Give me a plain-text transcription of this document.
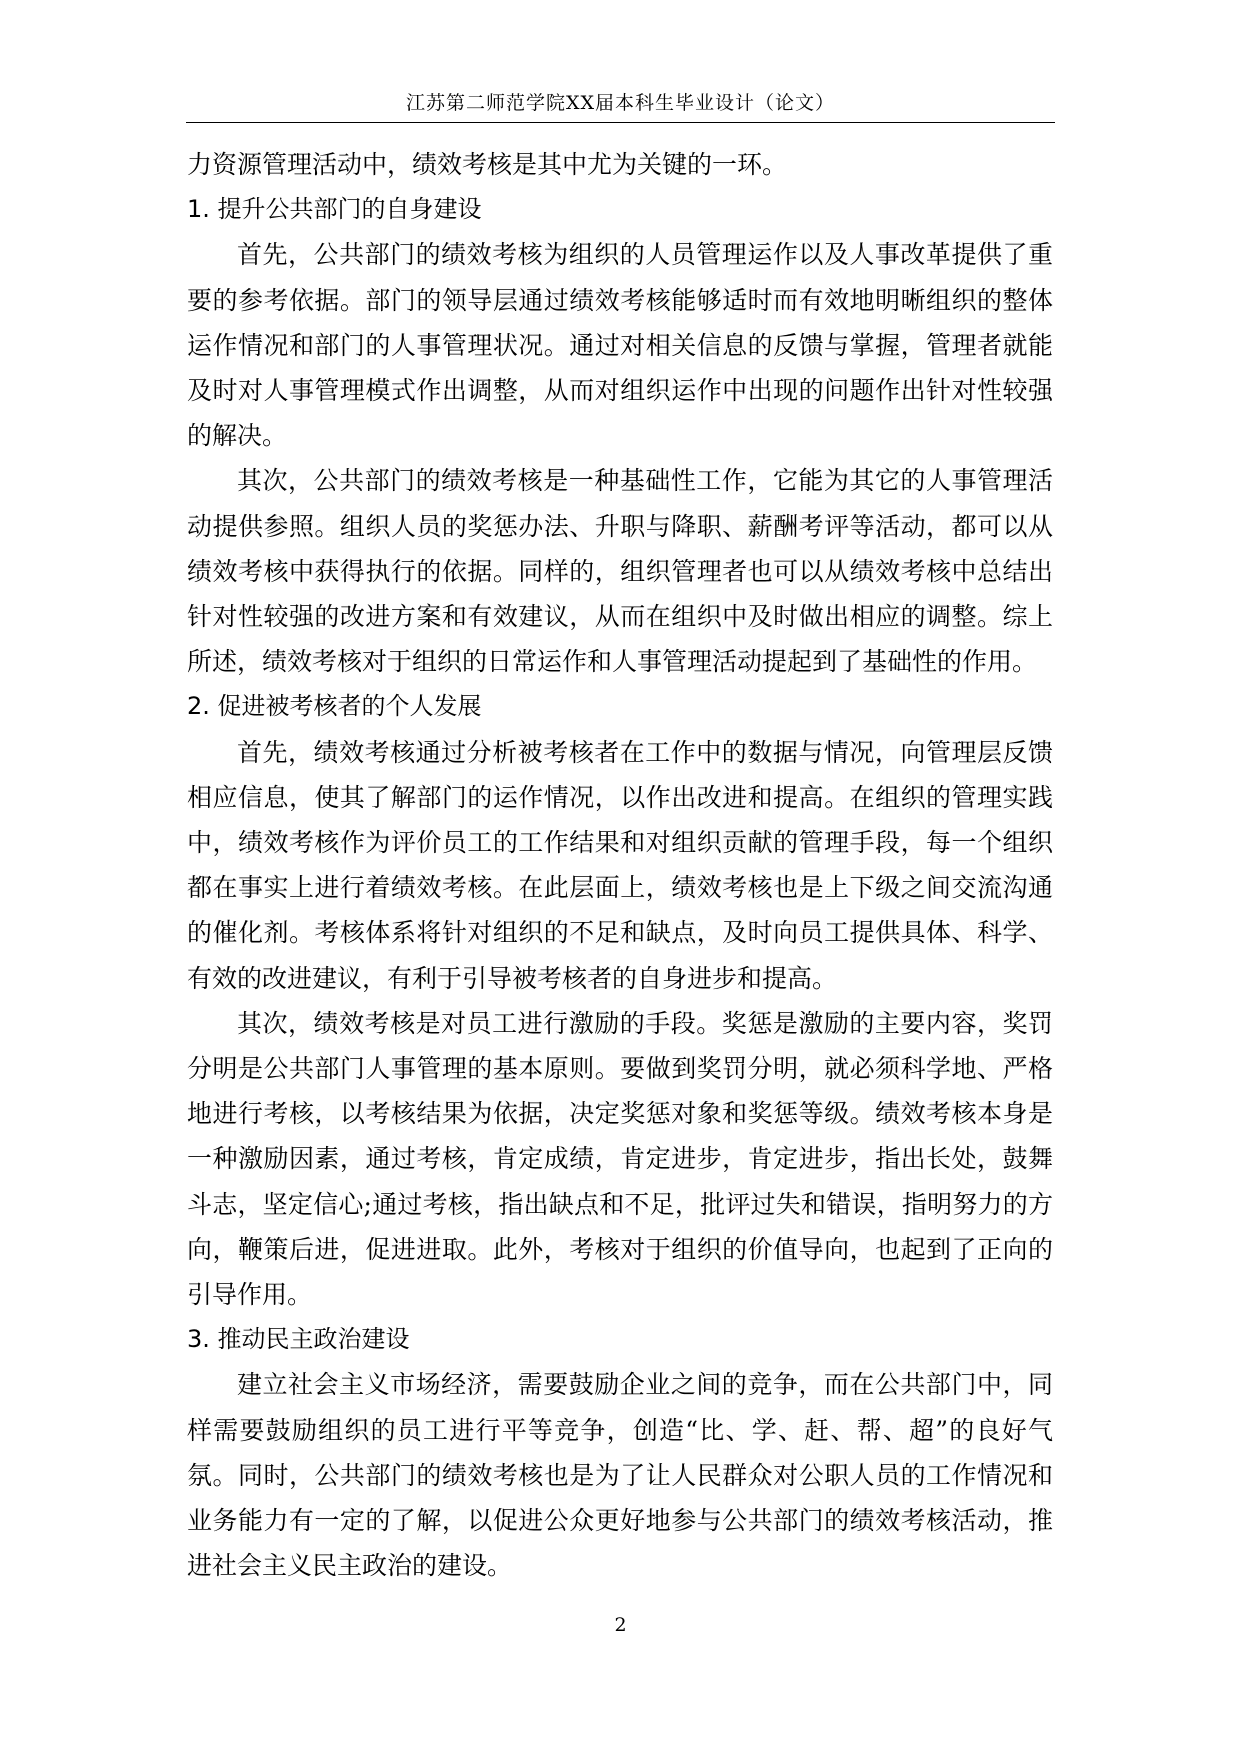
江苏第二师范学院XX届本科生毕业设计（论文）

力资源管理活动中，绩效考核是其中尤为关键的一环。

1. 提升公共部门的自身建设

首先，公共部门的绩效考核为组织的人员管理运作以及人事改革提供了重要的参考依据。部门的领导层通过绩效考核能够适时而有效地明晰组织的整体运作情况和部门的人事管理状况。通过对相关信息的反馈与掌握，管理者就能及时对人事管理模式作出调整，从而对组织运作中出现的问题作出针对性较强的解决。

其次，公共部门的绩效考核是一种基础性工作，它能为其它的人事管理活动提供参照。组织人员的奖惩办法、升职与降职、薪酬考评等活动，都可以从绩效考核中获得执行的依据。同样的，组织管理者也可以从绩效考核中总结出针对性较强的改进方案和有效建议，从而在组织中及时做出相应的调整。综上所述，绩效考核对于组织的日常运作和人事管理活动提起到了基础性的作用。

2. 促进被考核者的个人发展

首先，绩效考核通过分析被考核者在工作中的数据与情况，向管理层反馈相应信息，使其了解部门的运作情况，以作出改进和提高。在组织的管理实践中，绩效考核作为评价员工的工作结果和对组织贡献的管理手段，每一个组织都在事实上进行着绩效考核。在此层面上，绩效考核也是上下级之间交流沟通的催化剂。考核体系将针对组织的不足和缺点，及时向员工提供具体、科学、有效的改进建议，有利于引导被考核者的自身进步和提高。

其次，绩效考核是对员工进行激励的手段。奖惩是激励的主要内容，奖罚分明是公共部门人事管理的基本原则。要做到奖罚分明，就必须科学地、严格地进行考核，以考核结果为依据，决定奖惩对象和奖惩等级。绩效考核本身是一种激励因素，通过考核，肯定成绩，肯定进步，肯定进步，指出长处，鼓舞斗志，坚定信心;通过考核，指出缺点和不足，批评过失和错误，指明努力的方向，鞭策后进，促进进取。此外，考核对于组织的价值导向，也起到了正向的引导作用。

3. 推动民主政治建设

建立社会主义市场经济，需要鼓励企业之间的竞争，而在公共部门中，同样需要鼓励组织的员工进行平等竞争，创造“比、学、赶、帮、超”的良好气氛。同时，公共部门的绩效考核也是为了让人民群众对公职人员的工作情况和业务能力有一定的了解，以促进公众更好地参与公共部门的绩效考核活动，推进社会主义民主政治的建设。

2
